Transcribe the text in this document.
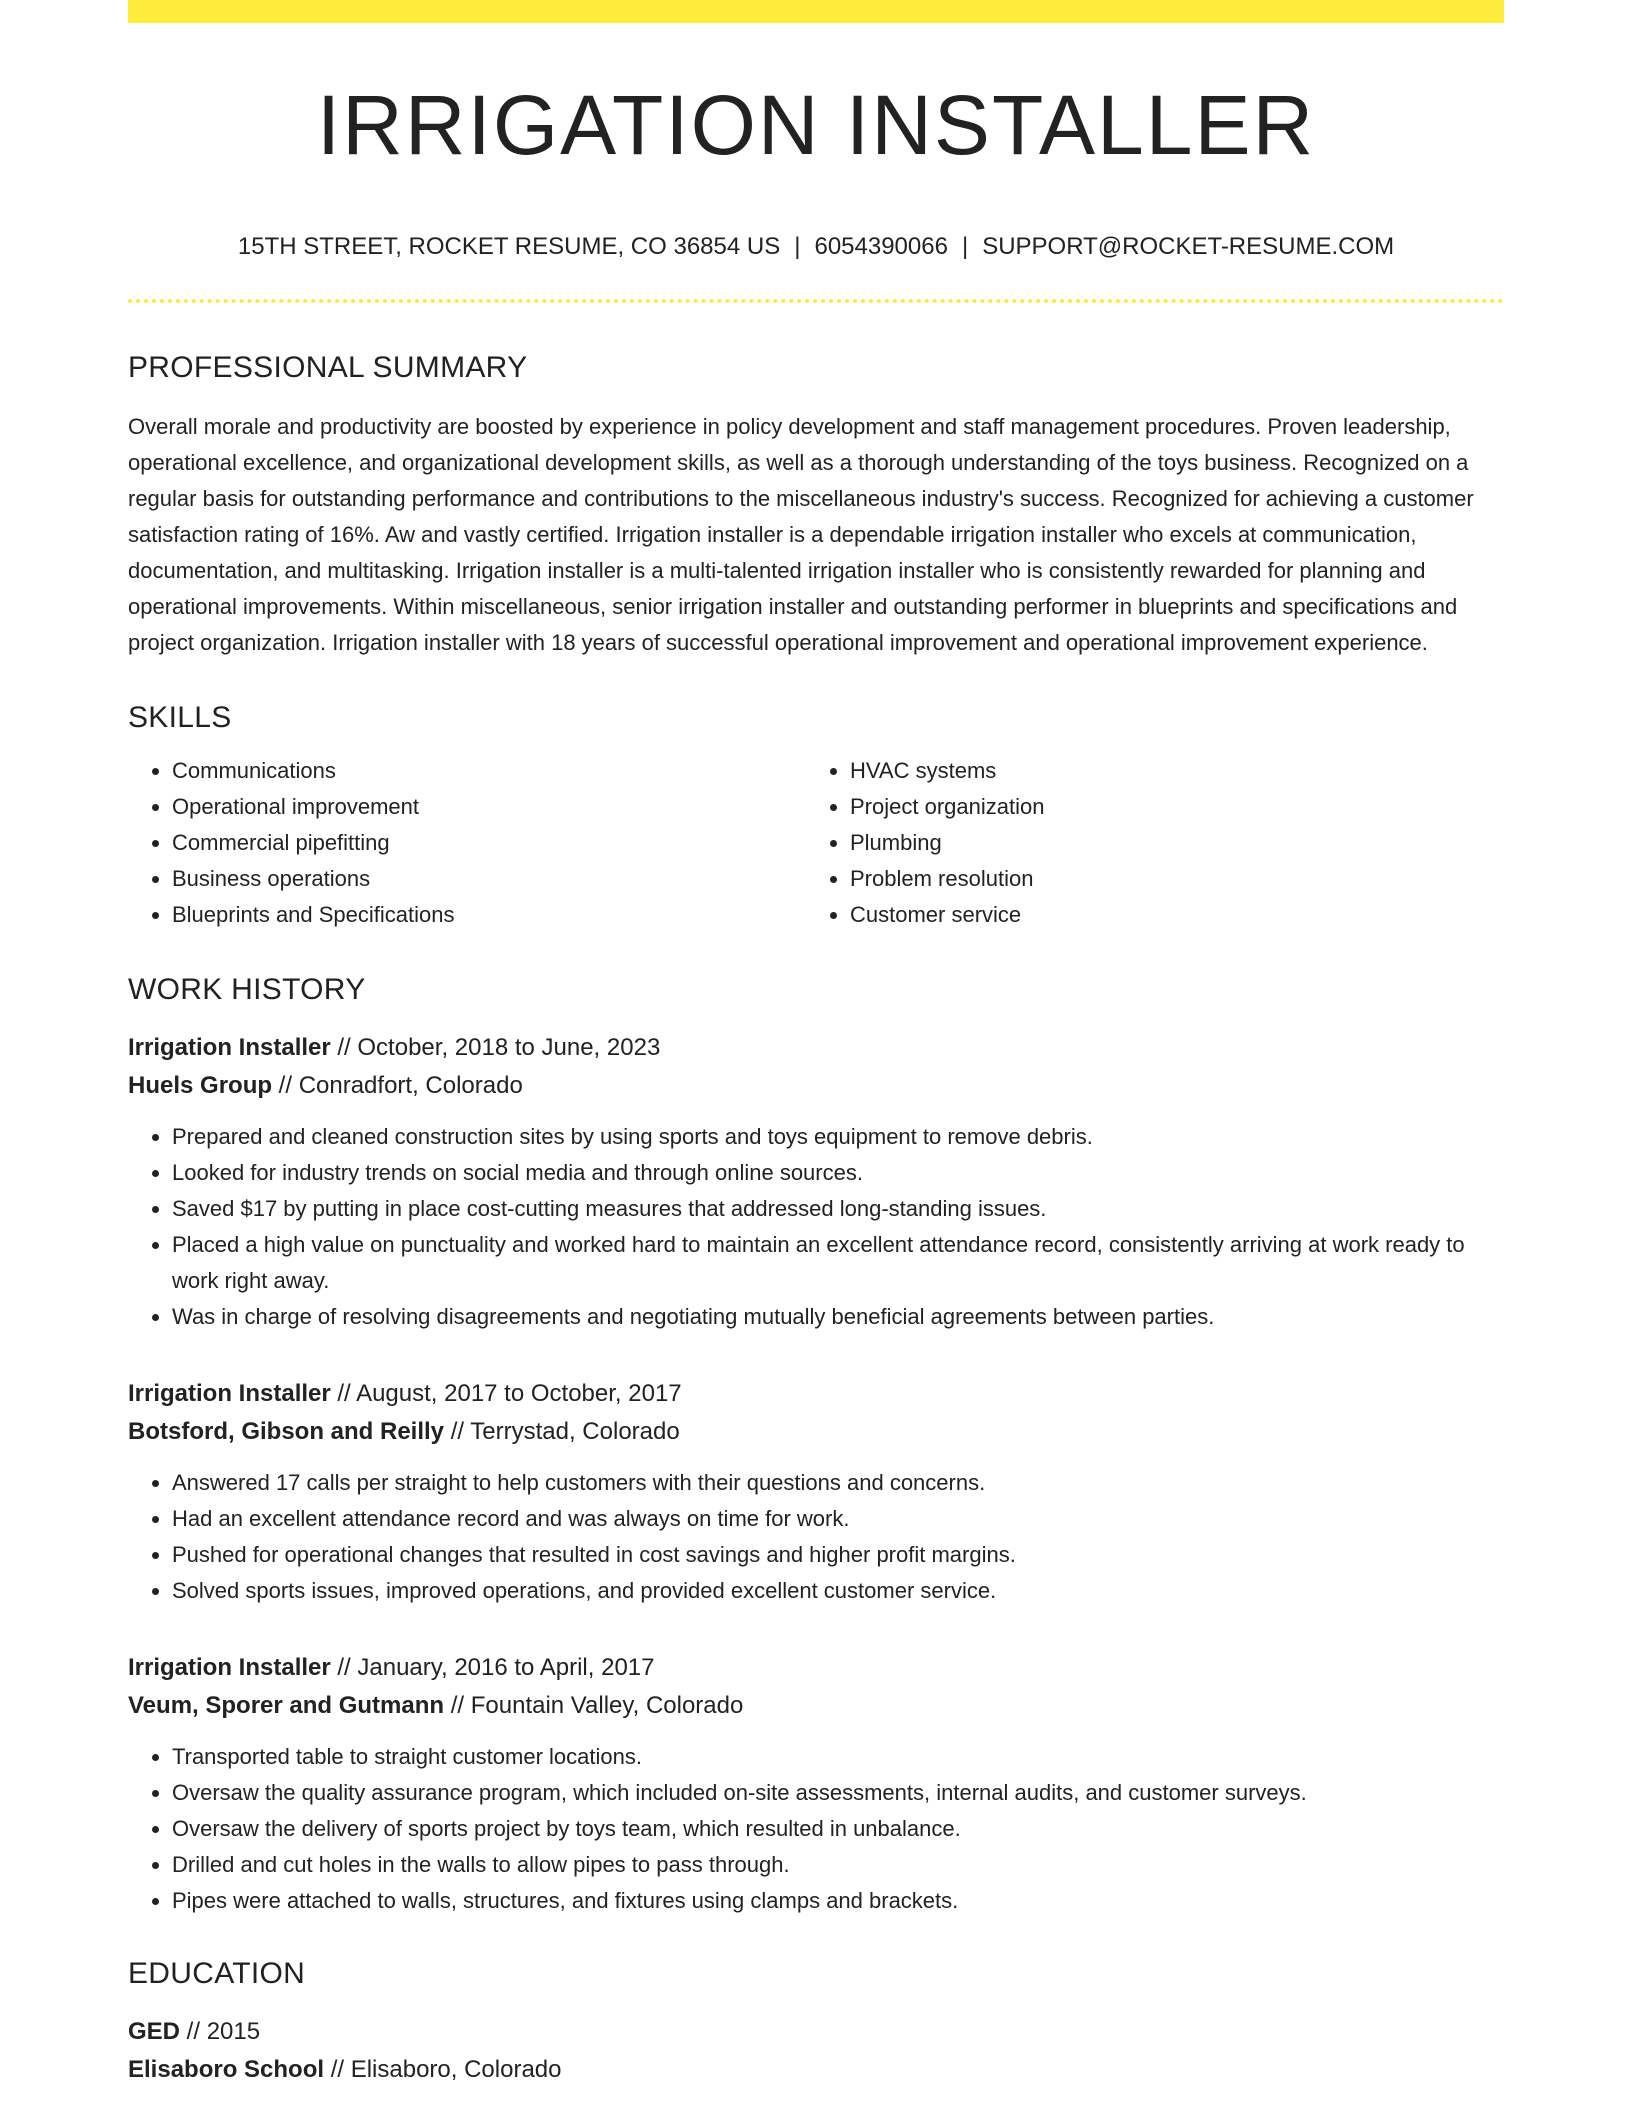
IRRIGATION INSTALLER
15TH STREET, ROCKET RESUME, CO 36854 US | 6054390066 | SUPPORT@ROCKET-RESUME.COM
PROFESSIONAL SUMMARY
Overall morale and productivity are boosted by experience in policy development and staff management procedures. Proven leadership, operational excellence, and organizational development skills, as well as a thorough understanding of the toys business. Recognized on a regular basis for outstanding performance and contributions to the miscellaneous industry's success. Recognized for achieving a customer satisfaction rating of 16%. Aw and vastly certified. Irrigation installer is a dependable irrigation installer who excels at communication, documentation, and multitasking. Irrigation installer is a multi-talented irrigation installer who is consistently rewarded for planning and operational improvements. Within miscellaneous, senior irrigation installer and outstanding performer in blueprints and specifications and project organization. Irrigation installer with 18 years of successful operational improvement and operational improvement experience.
SKILLS
• Communications
• Operational improvement
• Commercial pipefitting
• Business operations
• Blueprints and Specifications
• HVAC systems
• Project organization
• Plumbing
• Problem resolution
• Customer service
WORK HISTORY
Irrigation Installer // October, 2018 to June, 2023
Huels Group // Conradfort, Colorado
• Prepared and cleaned construction sites by using sports and toys equipment to remove debris.
• Looked for industry trends on social media and through online sources.
• Saved $17 by putting in place cost-cutting measures that addressed long-standing issues.
• Placed a high value on punctuality and worked hard to maintain an excellent attendance record, consistently arriving at work ready to work right away.
• Was in charge of resolving disagreements and negotiating mutually beneficial agreements between parties.
Irrigation Installer // August, 2017 to October, 2017
Botsford, Gibson and Reilly // Terrystad, Colorado
• Answered 17 calls per straight to help customers with their questions and concerns.
• Had an excellent attendance record and was always on time for work.
• Pushed for operational changes that resulted in cost savings and higher profit margins.
• Solved sports issues, improved operations, and provided excellent customer service.
Irrigation Installer // January, 2016 to April, 2017
Veum, Sporer and Gutmann // Fountain Valley, Colorado
• Transported table to straight customer locations.
• Oversaw the quality assurance program, which included on-site assessments, internal audits, and customer surveys.
• Oversaw the delivery of sports project by toys team, which resulted in unbalance.
• Drilled and cut holes in the walls to allow pipes to pass through.
• Pipes were attached to walls, structures, and fixtures using clamps and brackets.
EDUCATION
GED // 2015
Elisaboro School // Elisaboro, Colorado
